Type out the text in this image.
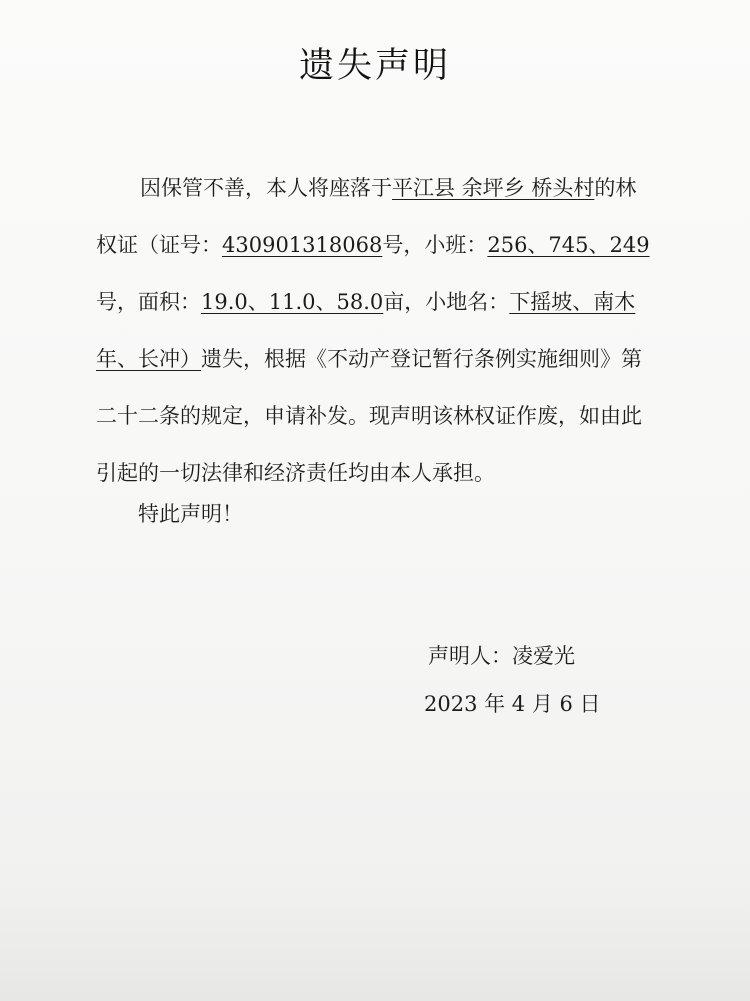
遗失声明
因保管不善，本人将座落于平江县 余坪乡 桥头村的林
权证（证号：430901318068号，小班：256、745、249
号，面积：19.0、11.0、58.0亩，小地名：下摇坡、南木
年、长冲）遗失，根据《不动产登记暂行条例实施细则》第
二十二条的规定，申请补发。现声明该林权证作废，如由此
引起的一切法律和经济责任均由本人承担。
特此声明！
声明人：凌爱光
2023 年 4 月 6 日
